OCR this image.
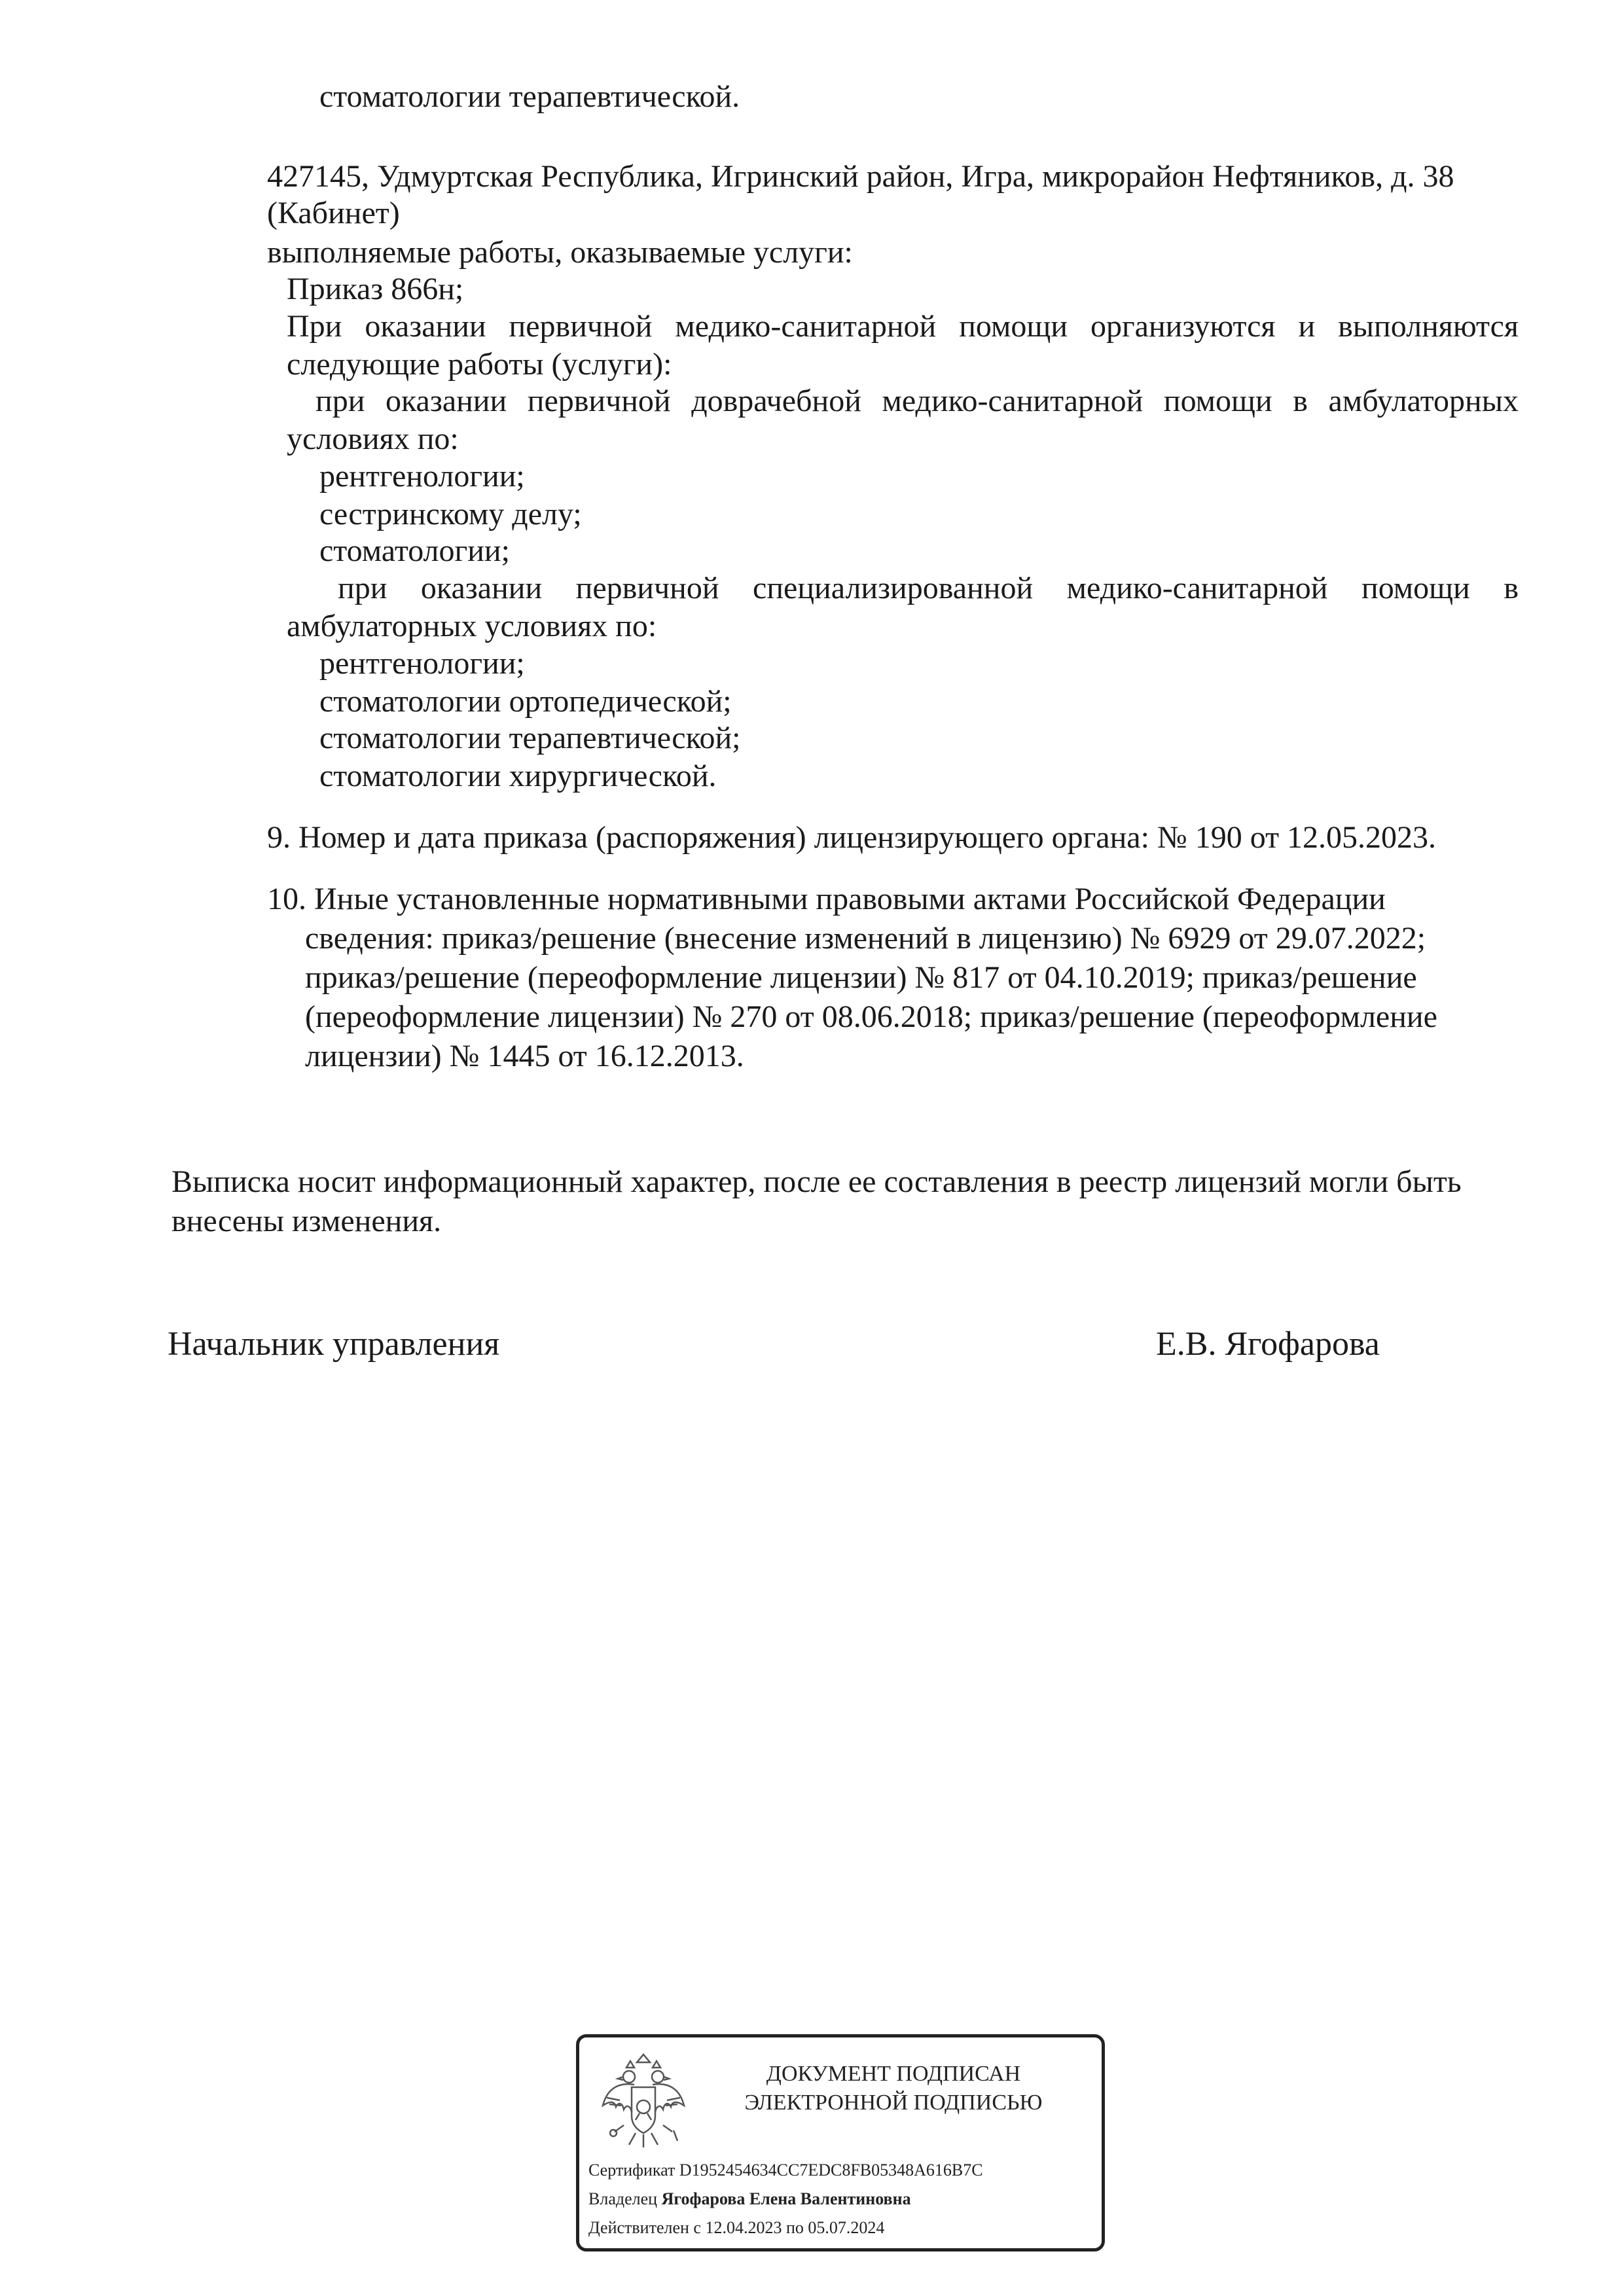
стоматологии терапевтической.
427145, Удмуртская Республика, Игринский район, Игра, микрорайон Нефтяников, д. 38
(Кабинет)
выполняемые работы, оказываемые услуги:
Приказ 866н;
При оказании первичной медико-санитарной помощи организуются и выполняются следующие работы (услуги):
при оказании первичной доврачебной медико-санитарной помощи в амбулаторных условиях по:
рентгенологии;
сестринскому делу;
стоматологии;
при оказании первичной специализированной медико-санитарной помощи в амбулаторных условиях по:
рентгенологии;
стоматологии ортопедической;
стоматологии терапевтической;
стоматологии хирургической.
9. Номер и дата приказа (распоряжения) лицензирующего органа: № 190 от 12.05.2023.
10. Иные установленные нормативными правовыми актами Российской Федерации
сведения: приказ/решение (внесение изменений в лицензию) № 6929 от 29.07.2022;
приказ/решение (переоформление лицензии) № 817 от 04.10.2019; приказ/решение
(переоформление лицензии) № 270 от 08.06.2018; приказ/решение (переоформление
лицензии) № 1445 от 16.12.2013.
Выписка носит информационный характер, после ее составления в реестр лицензий могли быть
внесены изменения.
Начальник управления	Е.В. Ягофарова
ДОКУМЕНТ ПОДПИСАН
ЭЛЕКТРОННОЙ ПОДПИСЬЮ
Сертификат D1952454634CC7EDC8FB05348A616B7C
Владелец Ягофарова Елена Валентиновна
Действителен с 12.04.2023 по 05.07.2024
